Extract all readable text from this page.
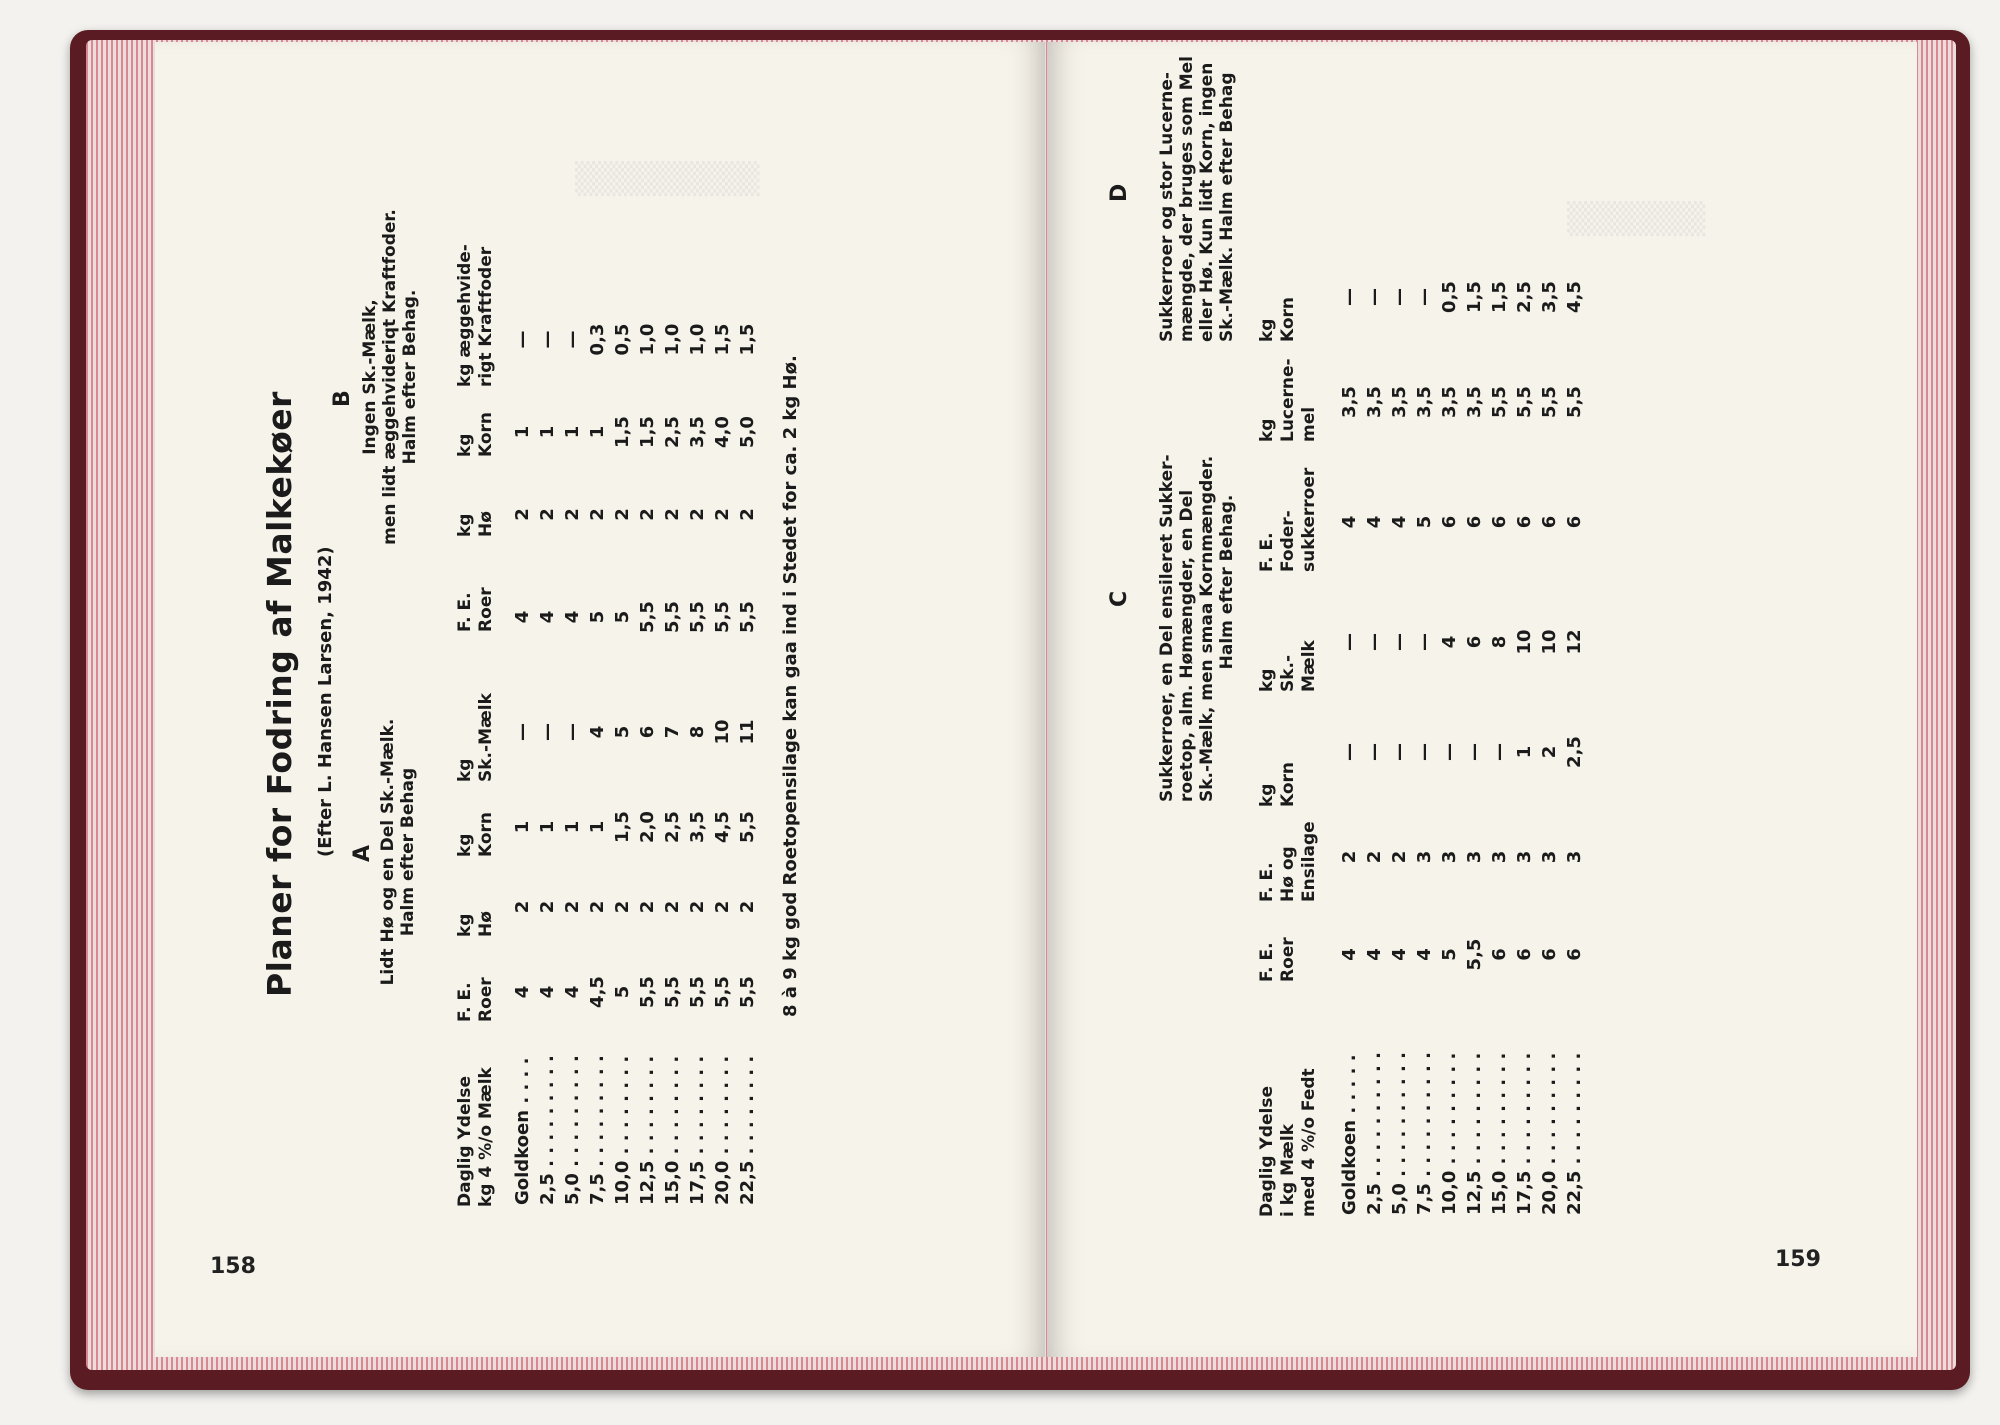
▒▒▒▒▒▒▒▒
Planer for Fodring af Malkekøer (Efter L. Hansen Larsen, 1942) Lidt Hø og en Del Sk.-Mælk. Halm efter Behag
A
Ingen Sk.-Mælk, men lidt æggehvideriqt Kraftfoder. Halm efter Behag.
B
Daglig Ydelse kg 4 %/o Mælk
F. E. Roer
kg Hø
kg Korn
kg Sk.-Mælk
F. E. Roer
kg Hø
kg Korn
kg æggehvide- rigt Kraftfoder
Goldkoen . . . .	4	2	1	—	4	2	1	—
2,5 . . . . . . . . .	4	2	1	—	4	2	1	—
5,0 . . . . . . . . .	4	2	1	—	4	2	1	—
7,5 . . . . . . . . .	4,5	2	1	4	5	2	1	0,3
10,0 . . . . . . . .	5	2	1,5	5	5	2	1,5	0,5
12,5 . . . . . . . .	5,5	2	2,0	6	5,5	2	1,5	1,0
15,0 . . . . . . . .	5,5	2	2,5	7	5,5	2	2,5	1,0
17,5 . . . . . . . .	5,5	2	3,5	8	5,5	2	3,5	1,0
20,0 . . . . . . . .	5,5	2	4,5	10	5,5	2	4,0	1,5
22,5 . . . . . . . .	5,5	2	5,5	11	5,5	2	5,0	1,5
8 à 9 kg god Roetopensilage kan gaa ind i Stedet for ca. 2 kg Hø.
158
▒▒▒▒▒▒
Sukkerroer, en Del ensileret Sukker- roetop, alm. Hømængder, en Del Sk.-Mælk, men smaa Kornmængder. Halm efter Behag.
C
Sukkerroer og stor Lucerne- mængde, der bruges som Mel eller Hø. Kun lidt Korn, ingen Sk.-Mælk. Halm efter Behag
D
Daglig Ydelse i kg Mælk med 4 %/o Fedt
F. E. Roer
F. E. Hø og Ensilage
kg Korn
kg Sk.- Mælk
F. E. Foder- sukkerroer
kg Lucerne- mel
kg Korn
Goldkoen . . . . .	4	2	—	—	4	3,5	—
2,5 . . . . . . . . . .	4	2	—	—	4	3,5	—
5,0 . . . . . . . . . .	4	2	—	—	4	3,5	—
7,5 . . . . . . . . . .	4	3	—	—	5	3,5	—
10,0 . . . . . . . . .	5	3	—	4	6	3,5	0,5
12,5 . . . . . . . . .	5,5	3	—	6	6	3,5	1,5
15,0 . . . . . . . . .	6	3	—	8	6	5,5	1,5
17,5 . . . . . . . . .	6	3	1	10	6	5,5	2,5
20,0 . . . . . . . . .	6	3	2	10	6	5,5	3,5
22,5 . . . . . . . . .	6	3	2,5	12	6	5,5	4,5
159
